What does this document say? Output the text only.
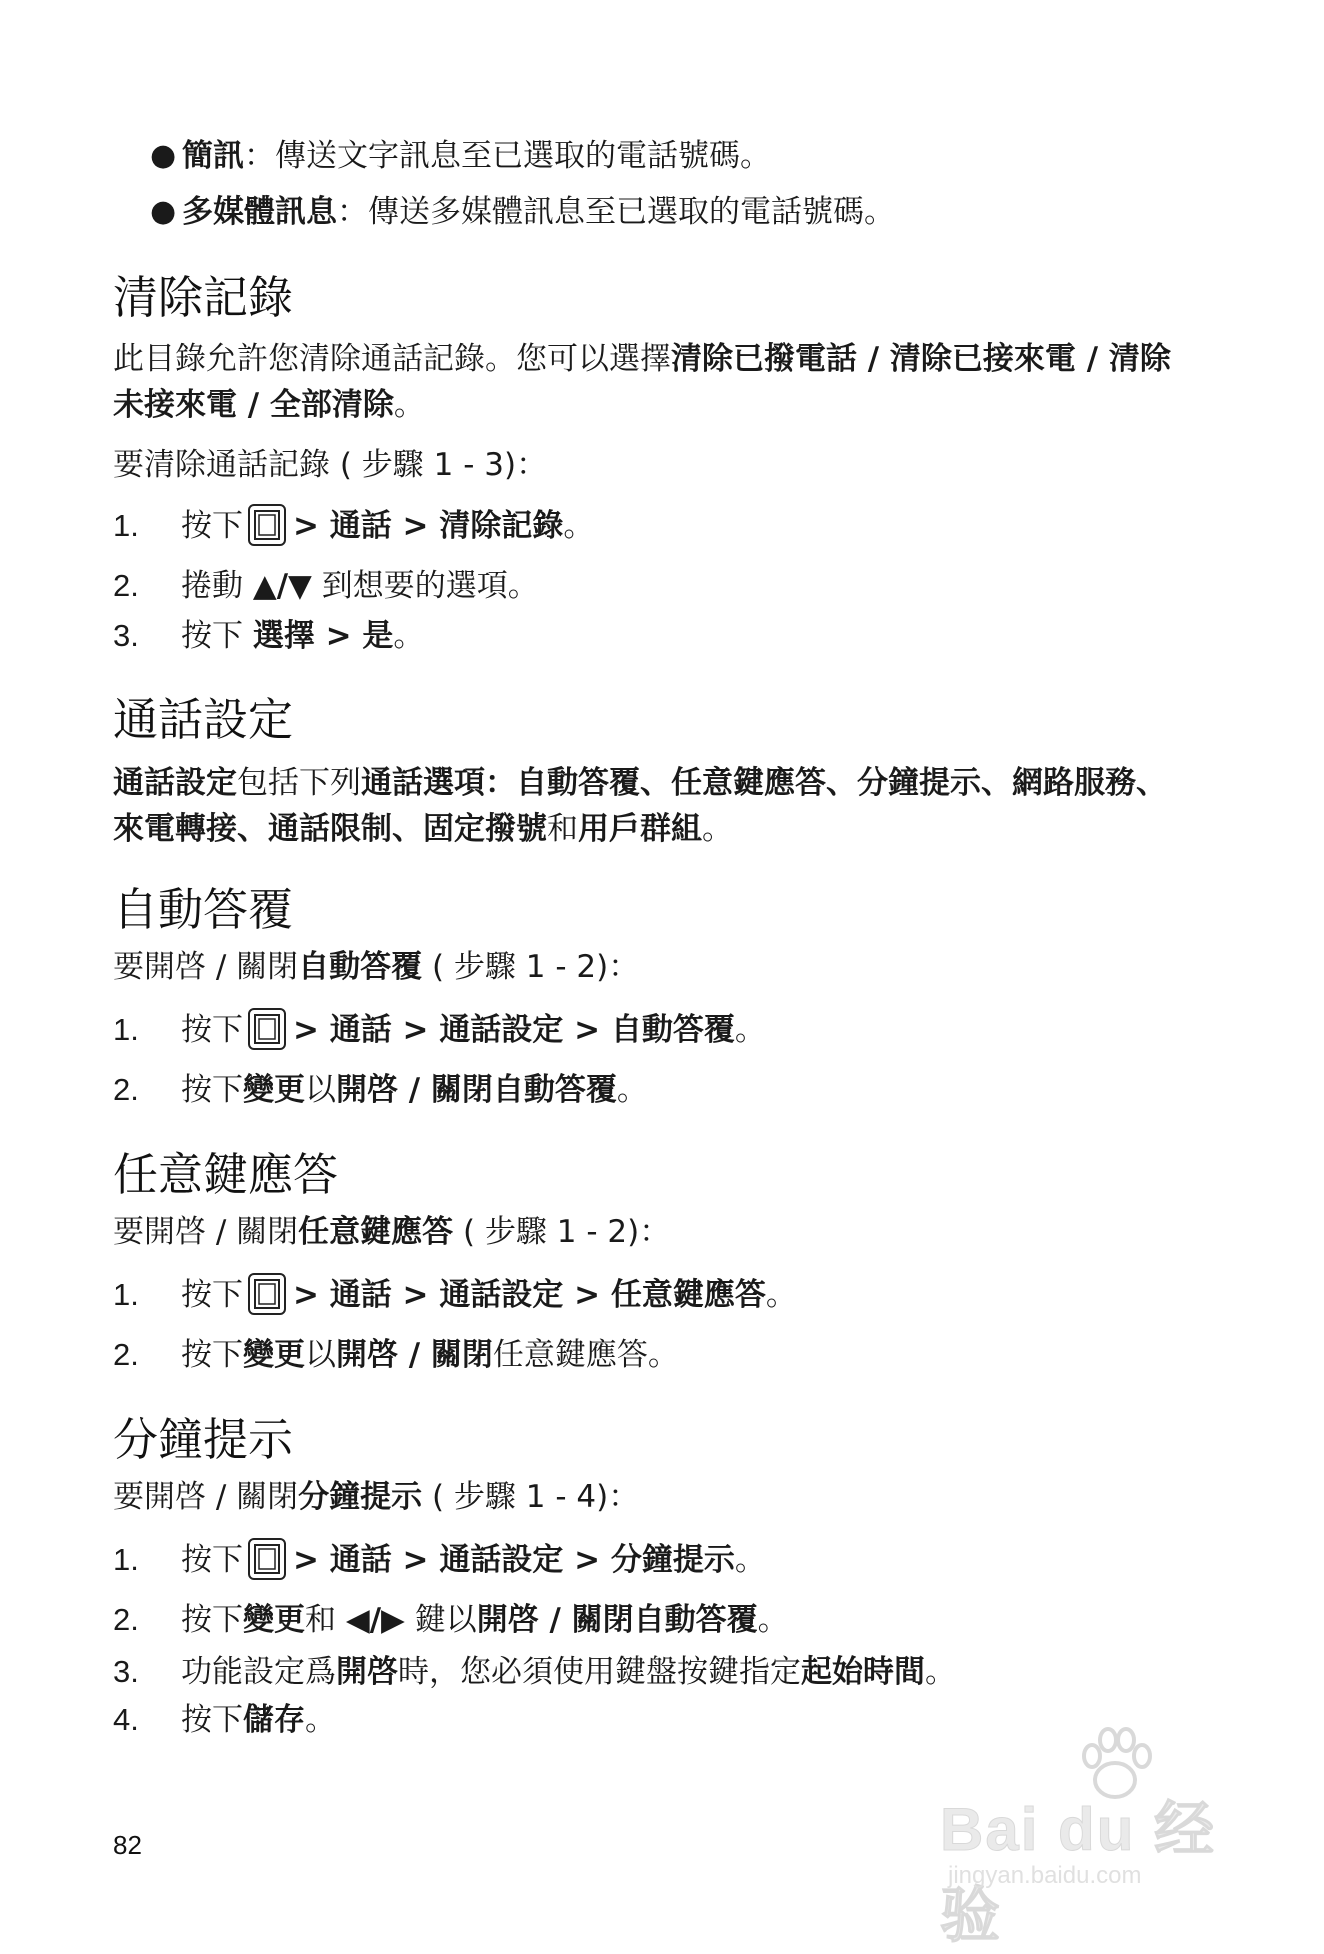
● 簡訊：傳送文字訊息至已選取的電話號碼。
● 多媒體訊息：傳送多媒體訊息至已選取的電話號碼。
清除記錄

此目錄允許您清除通話記錄。您可以選擇清除已撥電話 / 清除已接來電 / 清除未接來電 / 全部清除。

要清除通話記錄 ( 步驟 1 - 3)：

1.	按下 > 通話 > 清除記錄。
2.	捲動 ▲/▼ 到想要的選項。
3.	按下 選擇 > 是。
通話設定

通話設定包括下列通話選項：自動答覆、任意鍵應答、分鐘提示、網路服務、來電轉接、通話限制、固定撥號和用戶群組。

自動答覆

要開啓 / 關閉自動答覆 ( 步驟 1 - 2)：

1.	按下 > 通話 > 通話設定 > 自動答覆。
2.	按下變更以開啓 / 關閉自動答覆。
任意鍵應答

要開啓 / 關閉任意鍵應答 ( 步驟 1 - 2)：

1.	按下 > 通話 > 通話設定 > 任意鍵應答。
2.	按下變更以開啓 / 關閉任意鍵應答。
分鐘提示

要開啓 / 關閉分鐘提示 ( 步驟 1 - 4)：

1.	按下 > 通話 > 通話設定 > 分鐘提示。
2.	按下變更和 ◀/▶ 鍵以開啓 / 關閉自動答覆。
3.	功能設定爲開啓時，您必須使用鍵盤按鍵指定起始時間。
4.	按下儲存。
82	Bai du 经验
jingyan.baidu.com
